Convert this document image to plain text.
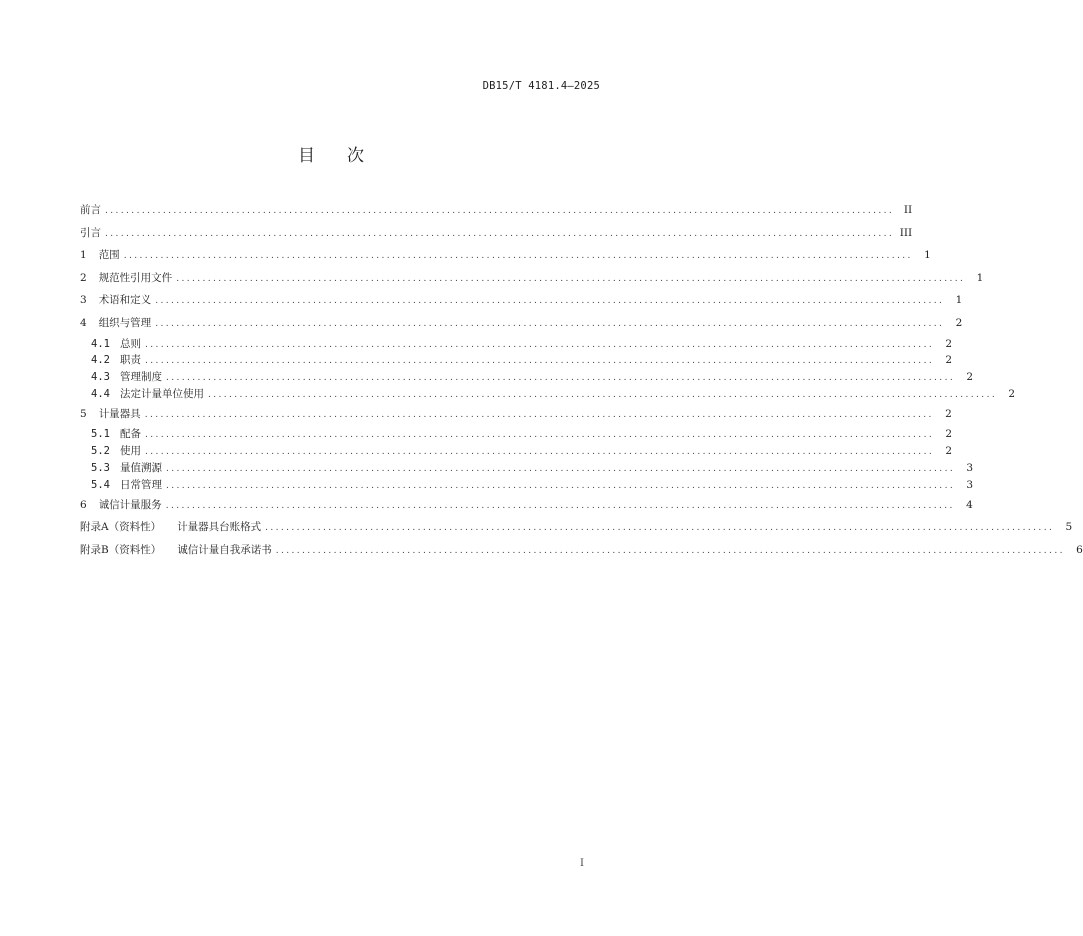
DB15/T 4181.4—2025
目次
前言 ...................................................................................................................................................... II
引言 ...................................................................................................................................................... III
1 范围 ......................................................................................................................................................	1
2 规范性引用文件 ......................................................................................................................................................	1
3 术语和定义 ......................................................................................................................................................	1
4 组织与管理 ......................................................................................................................................................	2
4.1 总则 ......................................................................................................................................................	2
4.2 职责 ......................................................................................................................................................	2
4.3 管理制度 ......................................................................................................................................................	2
4.4 法定计量单位使用 ......................................................................................................................................................	2
5 计量器具 ......................................................................................................................................................	2
5.1 配备 ......................................................................................................................................................	2
5.2 使用 ......................................................................................................................................................	2
5.3 量值溯源 ......................................................................................................................................................	3
5.4 日常管理 ......................................................................................................................................................	3
6 诚信计量服务 ......................................................................................................................................................	4
附录A（资料性） 计量器具台账格式 ......................................................................................................................................................	5
附录B（资料性） 诚信计量自我承诺书 ......................................................................................................................................................	6
I
